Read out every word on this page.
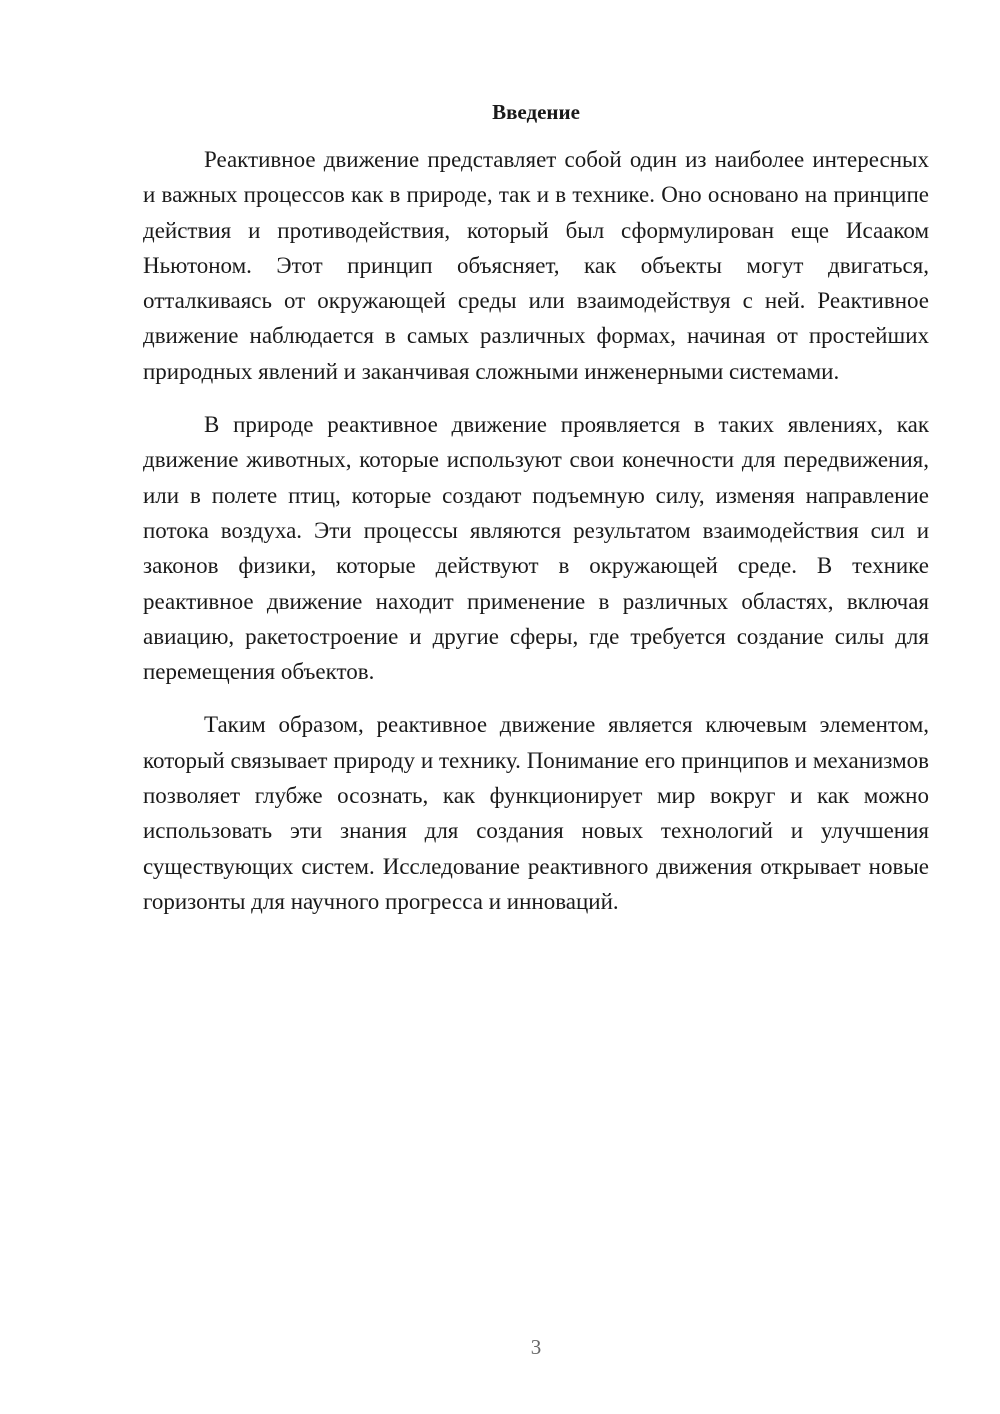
Введение

Реактивное движение представляет собой один из наиболее интересных и важных процессов как в природе, так и в технике. Оно основано на принципе действия и противодействия, который был сформулирован еще Исааком Ньютоном. Этот принцип объясняет, как объекты могут двигаться, отталкиваясь от окружающей среды или взаимодействуя с ней. Реактивное движение наблюдается в самых различных формах, начиная от простейших природных явлений и заканчивая сложными инженерными системами.

В природе реактивное движение проявляется в таких явлениях, как движение животных, которые используют свои конечности для передвижения, или в полете птиц, которые создают подъемную силу, изменяя направление потока воздуха. Эти процессы являются результатом взаимодействия сил и законов физики, которые действуют в окружающей среде. В технике реактивное движение находит применение в различных областях, включая авиацию, ракетостроение и другие сферы, где требуется создание силы для перемещения объектов.

Таким образом, реактивное движение является ключевым элементом, который связывает природу и технику. Понимание его принципов и механизмов позволяет глубже осознать, как функционирует мир вокруг и как можно использовать эти знания для создания новых технологий и улучшения существующих систем. Исследование реактивного движения открывает новые горизонты для научного прогресса и инноваций.

3
